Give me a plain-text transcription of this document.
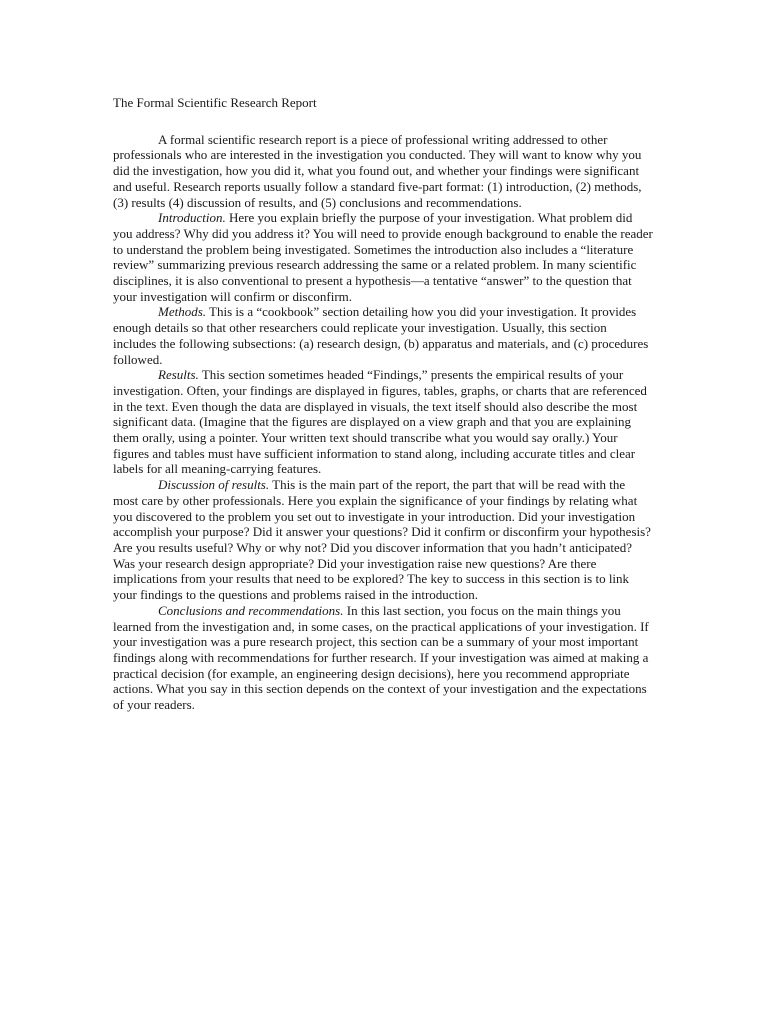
The Formal Scientific Research Report

A formal scientific research report is a piece of professional writing addressed to other professionals who are interested in the investigation you conducted. They will want to know why you did the investigation, how you did it, what you found out, and whether your findings were significant and useful. Research reports usually follow a standard five-part format: (1) introduction, (2) methods, (3) results (4) discussion of results, and (5) conclusions and recommendations.

Introduction. Here you explain briefly the purpose of your investigation. What problem did you address? Why did you address it? You will need to provide enough background to enable the reader to understand the problem being investigated. Sometimes the introduction also includes a “literature review” summarizing previous research addressing the same or a related problem. In many scientific disciplines, it is also conventional to present a hypothesis—a tentative “answer” to the question that your investigation will confirm or disconfirm.

Methods. This is a “cookbook” section detailing how you did your investigation. It provides enough details so that other researchers could replicate your investigation. Usually, this section includes the following subsections: (a) research design, (b) apparatus and materials, and (c) procedures followed.

Results. This section sometimes headed “Findings,” presents the empirical results of your investigation. Often, your findings are displayed in figures, tables, graphs, or charts that are referenced in the text. Even though the data are displayed in visuals, the text itself should also describe the most significant data. (Imagine that the figures are displayed on a view graph and that you are explaining them orally, using a pointer. Your written text should transcribe what you would say orally.) Your figures and tables must have sufficient information to stand along, including accurate titles and clear labels for all meaning-carrying features.

Discussion of results. This is the main part of the report, the part that will be read with the most care by other professionals. Here you explain the significance of your findings by relating what you discovered to the problem you set out to investigate in your introduction. Did your investigation accomplish your purpose? Did it answer your questions? Did it confirm or disconfirm your hypothesis? Are you results useful? Why or why not? Did you discover information that you hadn’t anticipated? Was your research design appropriate? Did your investigation raise new questions? Are there implications from your results that need to be explored? The key to success in this section is to link your findings to the questions and problems raised in the introduction.

Conclusions and recommendations. In this last section, you focus on the main things you learned from the investigation and, in some cases, on the practical applications of your investigation. If your investigation was a pure research project, this section can be a summary of your most important findings along with recommendations for further research. If your investigation was aimed at making a practical decision (for example, an engineering design decisions), here you recommend appropriate actions. What you say in this section depends on the context of your investigation and the expectations of your readers.
